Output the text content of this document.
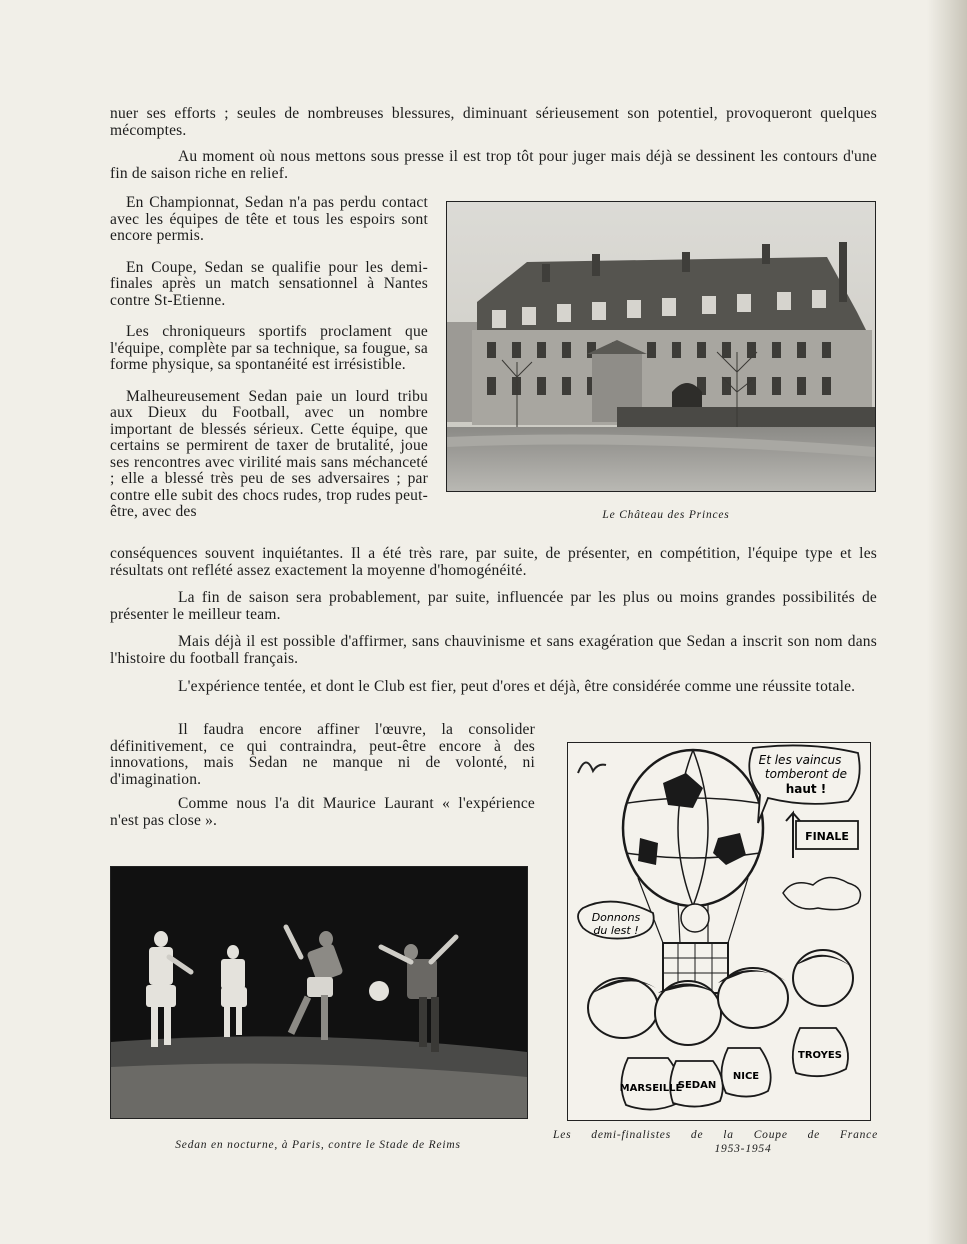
nuer ses efforts ; seules de nombreuses blessures, diminuant sérieusement son potentiel, provoqueront quelques mécomptes.

Au moment où nous mettons sous presse il est trop tôt pour juger mais déjà se dessinent les contours d'une fin de saison riche en relief.

En Championnat, Sedan n'a pas perdu contact avec les équipes de tête et tous les espoirs sont encore permis.

En Coupe, Sedan se qualifie pour les demi-finales après un match sensationnel à Nantes contre St-Etienne.

Les chroniqueurs sportifs proclament que l'équipe, complète par sa technique, sa fougue, sa forme physique, sa spontanéité est irrésistible.

Malheureusement Sedan paie un lourd tribu aux Dieux du Football, avec un nombre important de blessés sérieux. Cette équipe, que certains se permirent de taxer de brutalité, joue ses rencontres avec virilité mais sans méchanceté ; elle a blessé très peu de ses adversaires ; par contre elle subit des chocs rudes, trop rudes peut-être, avec des	Le Château des Princes

conséquences souvent inquiétantes. Il a été très rare, par suite, de présenter, en compétition, l'équipe type et les résultats ont reflété assez exactement la moyenne d'homogénéité.

La fin de saison sera probablement, par suite, influencée par les plus ou moins grandes possibilités de présenter le meilleur team.

Mais déjà il est possible d'affirmer, sans chauvinisme et sans exagération que Sedan a inscrit son nom dans l'histoire du football français.

L'expérience tentée, et dont le Club est fier, peut d'ores et déjà, être considérée comme une réussite totale.

Il faudra encore affiner l'œuvre, la consolider définitivement, ce qui contraindra, peut-être encore à des innovations, mais Sedan ne manque ni de volonté, ni d'imagination.

Comme nous l'a dit Maurice Laurant « l'expérience n'est pas close ».

Sedan en nocturne, à Paris, contre le Stade de Reims
Et les vaincus
tomberont de
haut !
FINALE
Donnons
du lest !
MARSEILLE
SEDAN
NICE
TROYES
Les demi-finalistes de la Coupe de France
1953-1954
